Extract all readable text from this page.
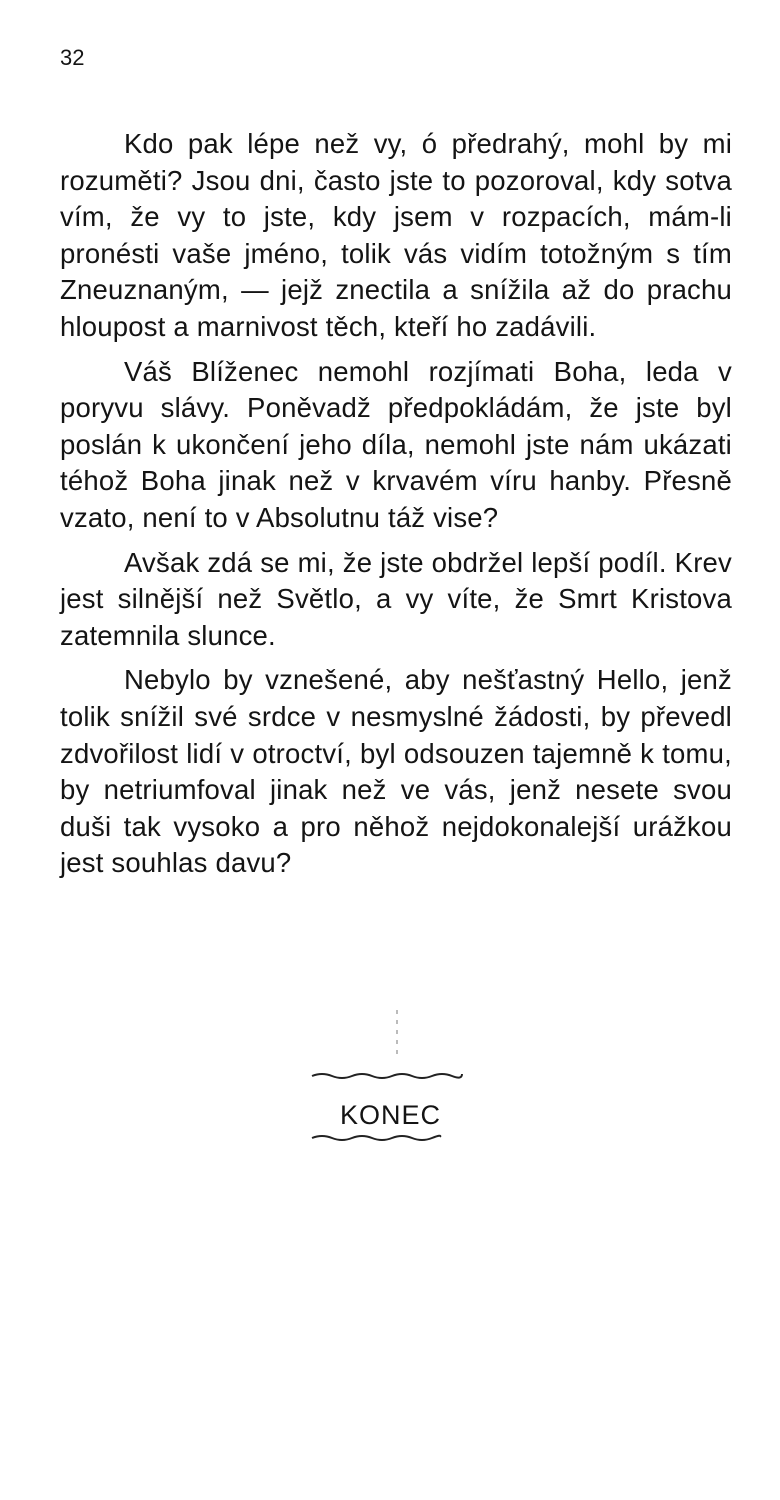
32

Kdo pak lépe než vy, ó předrahý, mohl by mi rozuměti? Jsou dni, často jste to pozoroval, kdy sotva vím, že vy to jste, kdy jsem v rozpacích, mám-li pronésti vaše jméno, tolik vás vidím totožným s tím Zneuznaným, — jejž znectila a snížila až do prachu hloupost a marnivost těch, kteří ho zadávili.

Váš Blíženec nemohl rozjímati Boha, leda v poryvu slávy. Poněvadž předpokládám, že jste byl poslán k ukončení jeho díla, nemohl jste nám ukázati téhož Boha jinak než v krvavém víru hanby. Přesně vzato, není to v Absolutnu táž vise?

Avšak zdá se mi, že jste obdržel lepší podíl. Krev jest silnější než Světlo, a vy víte, že Smrt Kristova zatemnila slunce.

Nebylo by vznešené, aby nešťastný Hello, jenž tolik snížil své srdce v nesmyslné žádosti, by převedl zdvořilost lidí v otroctví, byl odsouzen tajemně k tomu, by netriumfoval jinak než ve vás, jenž nesete svou duši tak vysoko a pro něhož nejdokonalejší urážkou jest souhlas davu?

KONEC
